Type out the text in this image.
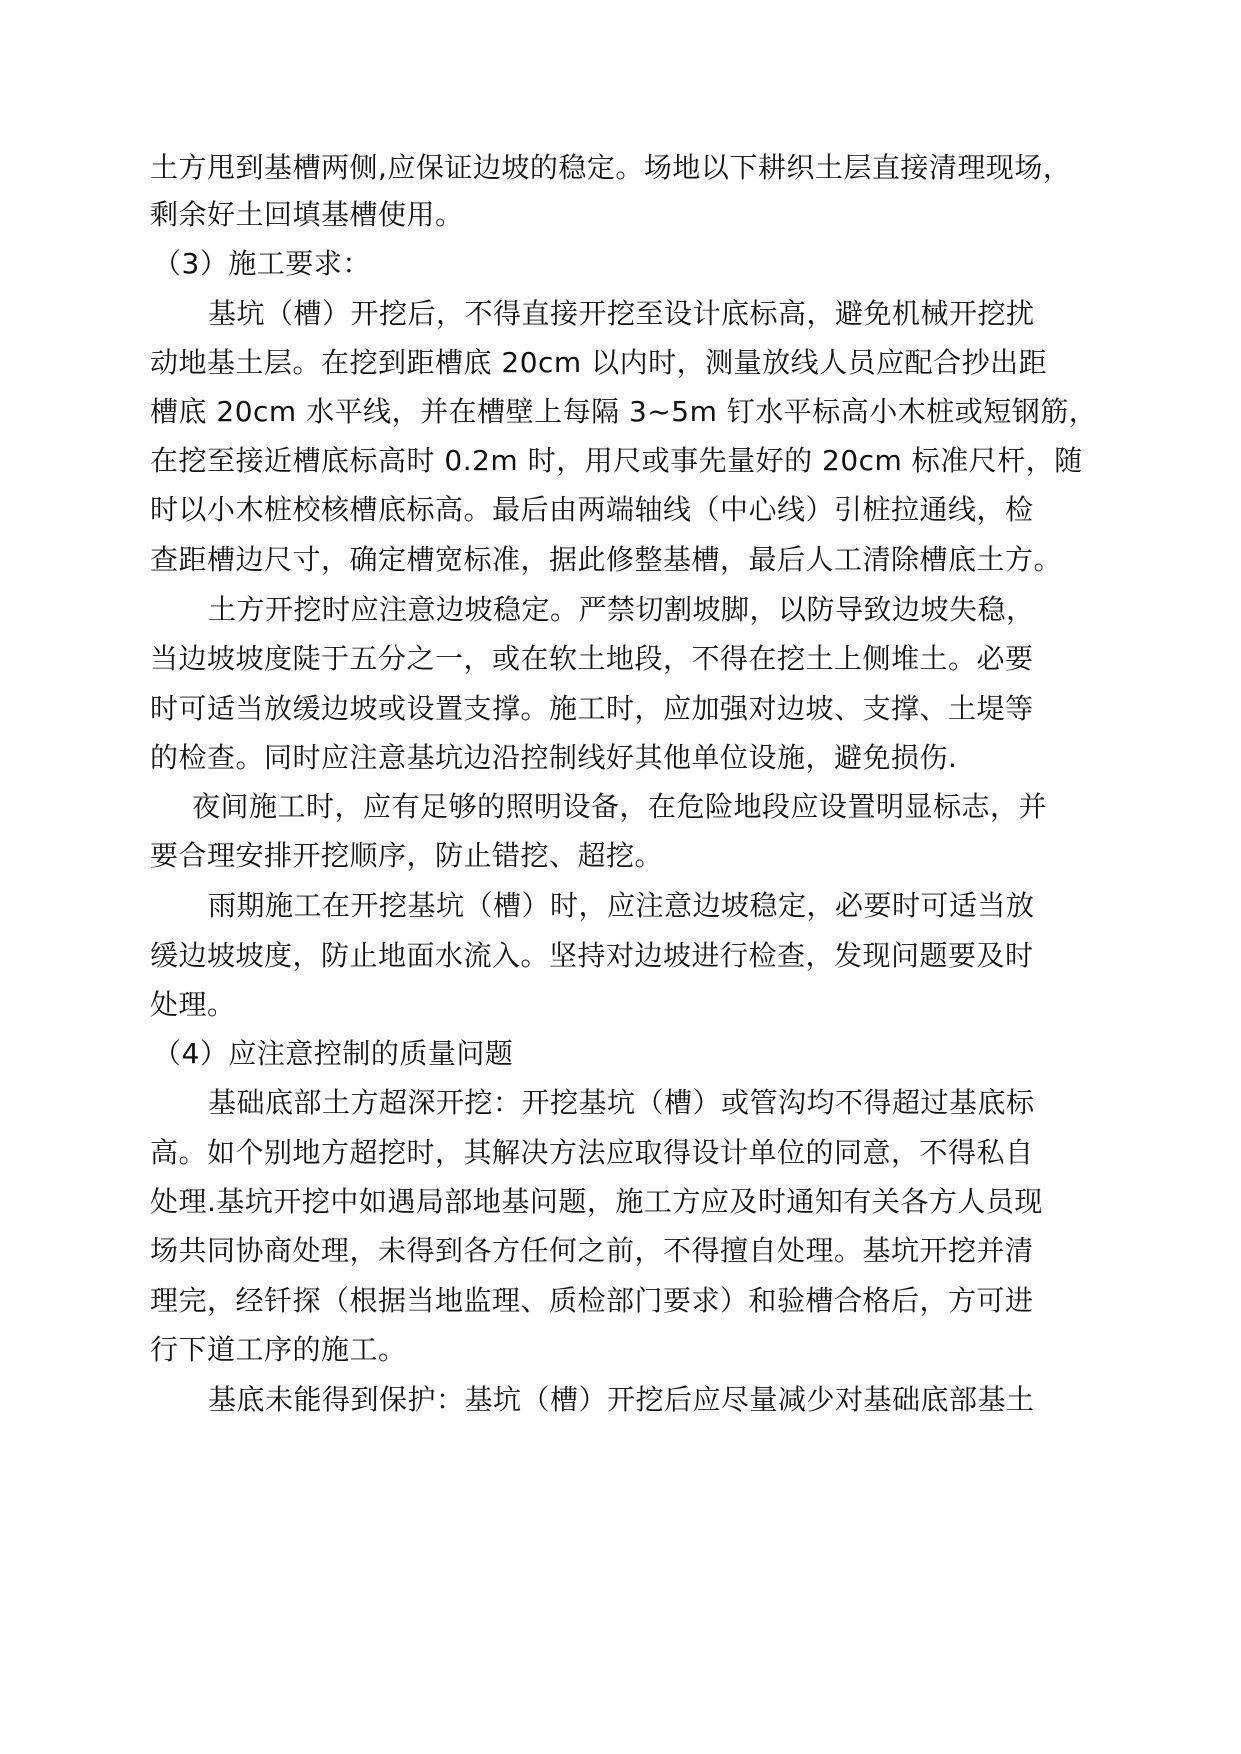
土方甩到基槽两侧,应保证边坡的稳定。场地以下耕织土层直接清理现场，

剩余好土回填基槽使用。

（3）施工要求：

基坑（槽）开挖后，不得直接开挖至设计底标高，避免机械开挖扰

动地基土层。在挖到距槽底 20cm 以内时，测量放线人员应配合抄出距

槽底 20cm 水平线，并在槽壁上每隔 3~5m 钉水平标高小木桩或短钢筋，

在挖至接近槽底标高时 0.2m 时，用尺或事先量好的 20cm 标准尺杆，随

时以小木桩校核槽底标高。最后由两端轴线（中心线）引桩拉通线，检

查距槽边尺寸，确定槽宽标准，据此修整基槽，最后人工清除槽底土方。

土方开挖时应注意边坡稳定。严禁切割坡脚，以防导致边坡失稳，

当边坡坡度陡于五分之一，或在软土地段，不得在挖土上侧堆土。必要

时可适当放缓边坡或设置支撑。施工时，应加强对边坡、支撑、土堤等

的检查。同时应注意基坑边沿控制线好其他单位设施，避免损伤.

夜间施工时，应有足够的照明设备，在危险地段应设置明显标志，并

要合理安排开挖顺序，防止错挖、超挖。

雨期施工在开挖基坑（槽）时，应注意边坡稳定，必要时可适当放

缓边坡坡度，防止地面水流入。坚持对边坡进行检查，发现问题要及时

处理。

（4）应注意控制的质量问题

基础底部土方超深开挖：开挖基坑（槽）或管沟均不得超过基底标

高。如个别地方超挖时，其解决方法应取得设计单位的同意，不得私自

处理.基坑开挖中如遇局部地基问题，施工方应及时通知有关各方人员现

场共同协商处理，未得到各方任何之前，不得擅自处理。基坑开挖并清

理完，经钎探（根据当地监理、质检部门要求）和验槽合格后，方可进

行下道工序的施工。

基底未能得到保护：基坑（槽）开挖后应尽量减少对基础底部基土
